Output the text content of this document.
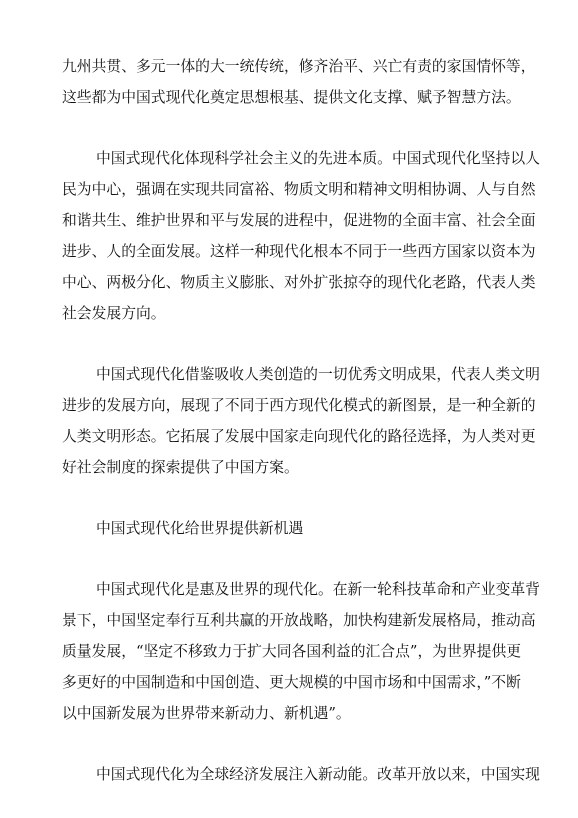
九州共贯、多元一体的大一统传统，修齐治平、兴亡有责的家国情怀等，
这些都为中国式现代化奠定思想根基、提供文化支撑、赋予智慧方法。
中国式现代化体现科学社会主义的先进本质。中国式现代化坚持以人
民为中心，强调在实现共同富裕、物质文明和精神文明相协调、人与自然
和谐共生、维护世界和平与发展的进程中，促进物的全面丰富、社会全面
进步、人的全面发展。这样一种现代化根本不同于一些西方国家以资本为
中心、两极分化、物质主义膨胀、对外扩张掠夺的现代化老路，代表人类
社会发展方向。
中国式现代化借鉴吸收人类创造的一切优秀文明成果，代表人类文明
进步的发展方向，展现了不同于西方现代化模式的新图景，是一种全新的
人类文明形态。它拓展了发展中国家走向现代化的路径选择，为人类对更
好社会制度的探索提供了中国方案。
中国式现代化给世界提供新机遇
中国式现代化是惠及世界的现代化。在新一轮科技革命和产业变革背
景下，中国坚定奉行互利共赢的开放战略，加快构建新发展格局，推动高
质量发展，“坚定不移致力于扩大同各国利益的汇合点”，为世界提供更
多更好的中国制造和中国创造、更大规模的中国市场和中国需求，”不断
以中国新发展为世界带来新动力、新机遇”。
中国式现代化为全球经济发展注入新动能。改革开放以来，中国实现
